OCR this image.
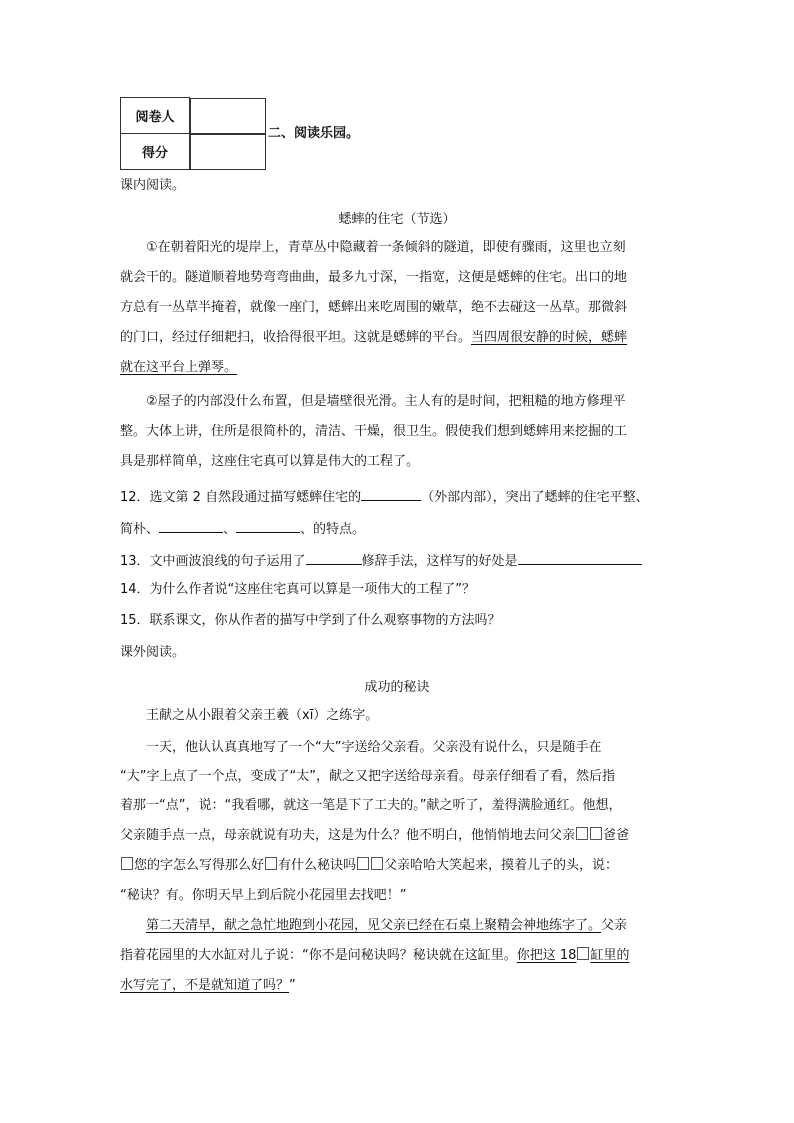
阅卷人	
得分	
二、阅读乐园。
课内阅读。
蟋蟀的住宅（节选）
①在朝着阳光的堤岸上，青草丛中隐藏着一条倾斜的隧道，即使有骤雨，这里也立刻
就会干的。隧道顺着地势弯弯曲曲，最多九寸深，一指宽，这便是蟋蟀的住宅。出口的地
方总有一丛草半掩着，就像一座门，蟋蟀出来吃周围的嫩草，绝不去碰这一丛草。那微斜
的门口，经过仔细耙扫，收拾得很平坦。这就是蟋蟀的平台。当四周很安静的时候，蟋蟀
就在这平台上弹琴。
②屋子的内部没什么布置，但是墙壁很光滑。主人有的是时间，把粗糙的地方修理平
整。大体上讲，住所是很简朴的，清洁、干燥，很卫生。假使我们想到蟋蟀用来挖掘的工
具是那样简单，这座住宅真可以算是伟大的工程了。
12．选文第 2 自然段通过描写蟋蟀住宅的	（外部内部），突出了蟋蟀的住宅平整、
简朴、	、	、的特点。
13．文中画波浪线的句子运用了	修辞手法，这样写的好处是
14．为什么作者说“这座住宅真可以算是一项伟大的工程了”？
15．联系课文，你从作者的描写中学到了什么观察事物的方法吗？
课外阅读。
成功的秘诀
王献之从小跟着父亲王羲（xī）之练字。
一天，他认认真真地写了一个“大”字送给父亲看。父亲没有说什么，只是随手在
“大”字上点了一个点，变成了“太”，献之又把字送给母亲看。母亲仔细看了看，然后指
着那一“点”，说：“我看哪，就这一笔是下了工夫的。”献之听了，羞得满脸通红。他想，
父亲随手点一点，母亲就说有功夫，这是为什么？他不明白，他悄悄地去问父亲 爸爸
您的字怎么写得那么好 有什么秘诀吗 父亲哈哈大笑起来，摸着儿子的头，说：
“秘诀？有。你明天早上到后院小花园里去找吧！”
第二天清早，献之急忙地跑到小花园，见父亲已经在石桌上聚精会神地练字了。父亲
指着花园里的大水缸对儿子说：“你不是问秘诀吗？秘诀就在这缸里。你把这 18 缸里的
水写完了，不是就知道了吗？”
